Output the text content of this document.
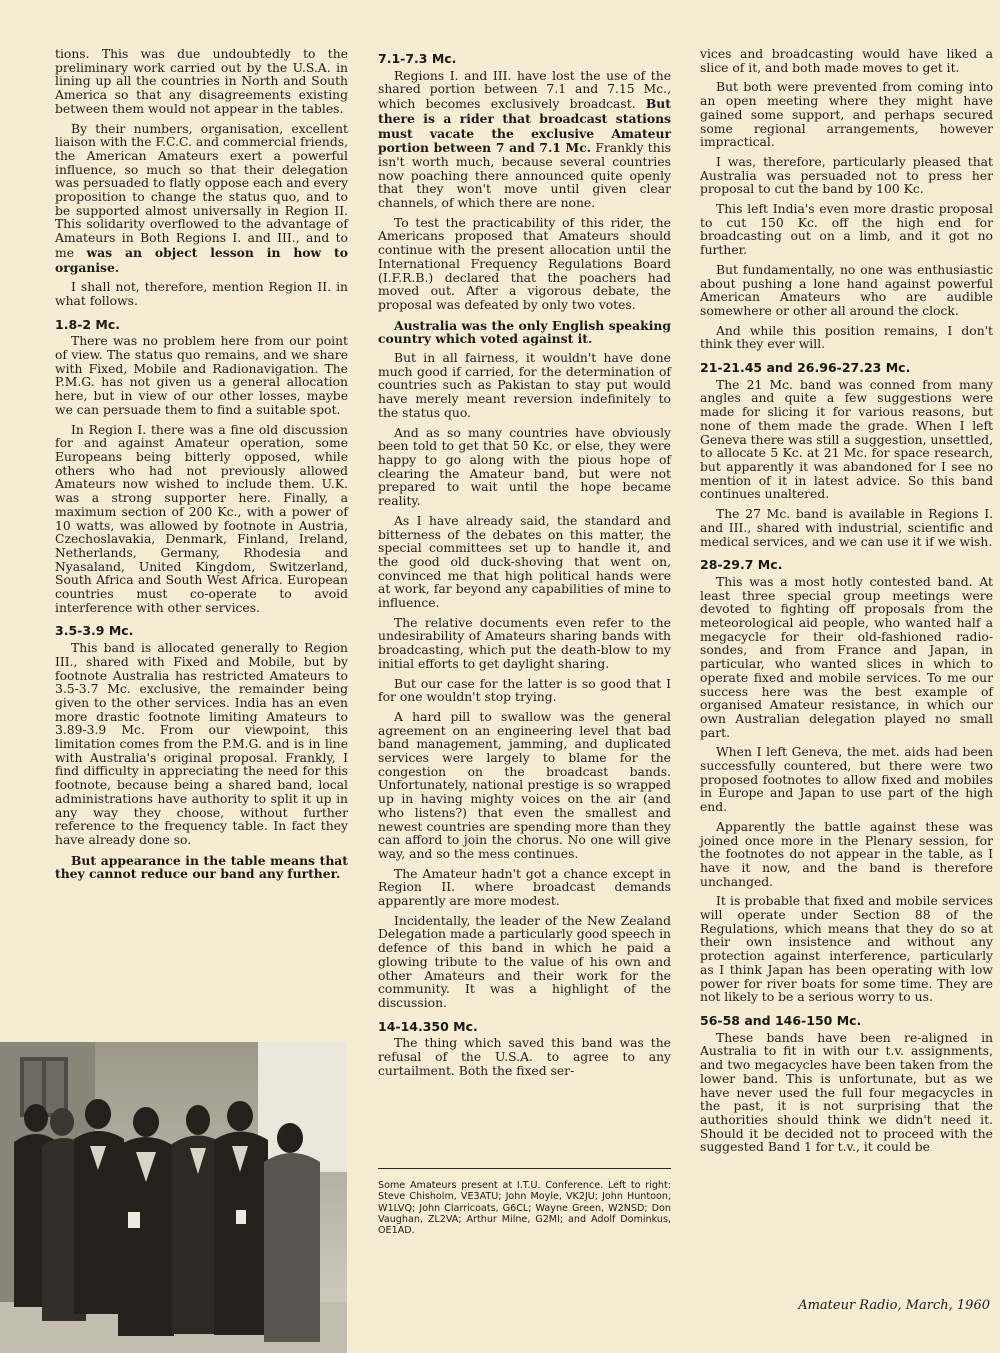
tions. This was due undoubtedly to the preliminary work carried out by the U.S.A. in lining up all the countries in North and South America so that any disagreements existing between them would not appear in the tables.

By their numbers, organisation, excellent liaison with the F.C.C. and commercial friends, the American Amateurs exert a powerful influence, so much so that their delegation was persuaded to flatly oppose each and every proposition to change the status quo, and to be supported almost universally in Region II. This solidarity overflowed to the advantage of Amateurs in Both Regions I. and III., and to me was an object lesson in how to organise.

I shall not, therefore, mention Region II. in what follows.

1.8-2 Mc.

There was no problem here from our point of view. The status quo remains, and we share with Fixed, Mobile and Radionavigation. The P.M.G. has not given us a general allocation here, but in view of our other losses, maybe we can persuade them to find a suitable spot.

In Region I. there was a fine old discussion for and against Amateur operation, some Europeans being bitterly opposed, while others who had not previously allowed Amateurs now wished to include them. U.K. was a strong supporter here. Finally, a maximum section of 200 Kc., with a power of 10 watts, was allowed by footnote in Austria, Czechoslavakia, Denmark, Finland, Ireland, Netherlands, Germany, Rhodesia and Nyasaland, United Kingdom, Switzerland, South Africa and South West Africa. European countries must co-operate to avoid interference with other services.

3.5-3.9 Mc.

This band is allocated generally to Region III., shared with Fixed and Mobile, but by footnote Australia has restricted Amateurs to 3.5-3.7 Mc. exclusive, the remainder being given to the other services. India has an even more drastic footnote limiting Amateurs to 3.89-3.9 Mc. From our viewpoint, this limitation comes from the P.M.G. and is in line with Australia's original proposal. Frankly, I find difficulty in appreciating the need for this footnote, because being a shared band, local administrations have authority to split it up in any way they choose, without further reference to the frequency table. In fact they have already done so.

But appearance in the table means that they cannot reduce our band any further.

7.1-7.3 Mc.

Regions I. and III. have lost the use of the shared portion between 7.1 and 7.15 Mc., which becomes exclusively broadcast. But there is a rider that broadcast stations must vacate the exclusive Amateur portion between 7 and 7.1 Mc. Frankly this isn't worth much, because several countries now poaching there announced quite openly that they won't move until given clear channels, of which there are none.

To test the practicability of this rider, the Americans proposed that Amateurs should continue with the present allocation until the International Frequency Regulations Board (I.F.R.B.) declared that the poachers had moved out. After a vigorous debate, the proposal was defeated by only two votes.

Australia was the only English speaking country which voted against it.

But in all fairness, it wouldn't have done much good if carried, for the determination of countries such as Pakistan to stay put would have merely meant reversion indefinitely to the status quo.

And as so many countries have obviously been told to get that 50 Kc. or else, they were happy to go along with the pious hope of clearing the Amateur band, but were not prepared to wait until the hope became reality.

As I have already said, the standard and bitterness of the debates on this matter, the special committees set up to handle it, and the good old duck-shoving that went on, convinced me that high political hands were at work, far beyond any capabilities of mine to influence.

The relative documents even refer to the undesirability of Amateurs sharing bands with broadcasting, which put the death-blow to my initial efforts to get daylight sharing.

But our case for the latter is so good that I for one wouldn't stop trying.

A hard pill to swallow was the general agreement on an engineering level that bad band management, jamming, and duplicated services were largely to blame for the congestion on the broadcast bands. Unfortunately, national prestige is so wrapped up in having mighty voices on the air (and who listens?) that even the smallest and newest countries are spending more than they can afford to join the chorus. No one will give way, and so the mess continues.

The Amateur hadn't got a chance except in Region II. where broadcast demands apparently are more modest.

Incidentally, the leader of the New Zealand Delegation made a particularly good speech in defence of this band in which he paid a glowing tribute to the value of his own and other Amateurs and their work for the community. It was a highlight of the discussion.

14-14.350 Mc.

The thing which saved this band was the refusal of the U.S.A. to agree to any curtailment. Both the fixed ser-

vices and broadcasting would have liked a slice of it, and both made moves to get it.

But both were prevented from coming into an open meeting where they might have gained some support, and perhaps secured some regional arrangements, however impractical.

I was, therefore, particularly pleased that Australia was persuaded not to press her proposal to cut the band by 100 Kc.

This left India's even more drastic proposal to cut 150 Kc. off the high end for broadcasting out on a limb, and it got no further.

But fundamentally, no one was enthusiastic about pushing a lone hand against powerful American Amateurs who are audible somewhere or other all around the clock.

And while this position remains, I don't think they ever will.

21-21.45 and 26.96-27.23 Mc.

The 21 Mc. band was conned from many angles and quite a few suggestions were made for slicing it for various reasons, but none of them made the grade. When I left Geneva there was still a suggestion, unsettled, to allocate 5 Kc. at 21 Mc. for space research, but apparently it was abandoned for I see no mention of it in latest advice. So this band continues unaltered.

The 27 Mc. band is available in Regions I. and III., shared with industrial, scientific and medical services, and we can use it if we wish.

28-29.7 Mc.

This was a most hotly contested band. At least three special group meetings were devoted to fighting off proposals from the meteorological aid people, who wanted half a megacycle for their old-fashioned radio-sondes, and from France and Japan, in particular, who wanted slices in which to operate fixed and mobile services. To me our success here was the best example of organised Amateur resistance, in which our own Australian delegation played no small part.

When I left Geneva, the met. aids had been successfully countered, but there were two proposed footnotes to allow fixed and mobiles in Europe and Japan to use part of the high end.

Apparently the battle against these was joined once more in the Plenary session, for the footnotes do not appear in the table, as I have it now, and the band is therefore unchanged.

It is probable that fixed and mobile services will operate under Section 88 of the Regulations, which means that they do so at their own insistence and without any protection against interference, particularly as I think Japan has been operating with low power for river boats for some time. They are not likely to be a serious worry to us.

56-58 and 146-150 Mc.

These bands have been re-aligned in Australia to fit in with our t.v. assignments, and two megacycles have been taken from the lower band. This is unfortunate, but as we have never used the full four megacycles in the past, it is not surprising that the authorities should think we didn't need it. Should it be decided not to proceed with the suggested Band 1 for t.v., it could be

Some Amateurs present at I.T.U. Conference. Left to right: Steve Chisholm, VE3ATU; John Moyle, VK2JU; John Huntoon, W1LVQ; John Clarricoats, G6CL; Wayne Green, W2NSD; Don Vaughan, ZL2VA; Arthur Milne, G2MI; and Adolf Dominkus, OE1AD.
Amateur Radio, March, 1960
